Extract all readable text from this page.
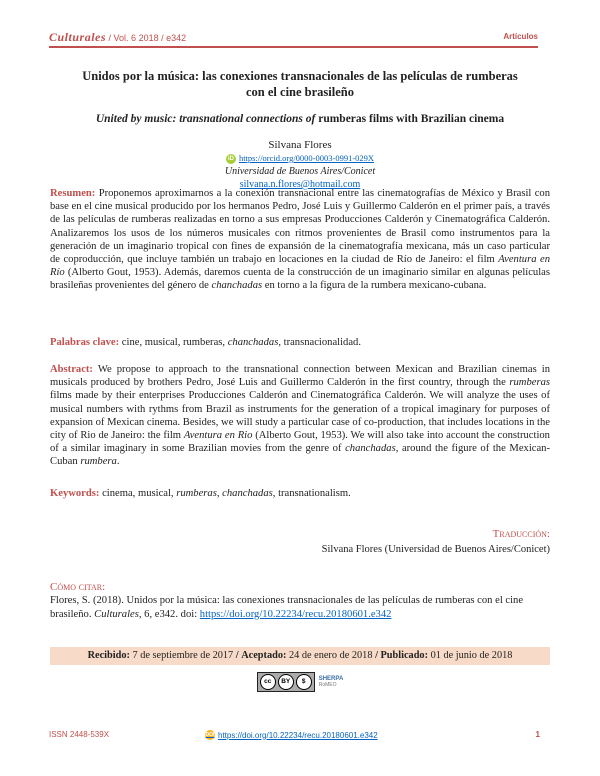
Culturales / Vol. 6 2018 / e342	Artículos
Unidos por la música: las conexiones transnacionales de las películas de rumberas
con el cine brasileño
United by music: transnational connections of rumberas films with Brazilian cinema
Silvana Flores
iD https://orcid.org/0000-0003-0991-029X
Universidad de Buenos Aires/Conicet
silvana.n.flores@hotmail.com
Resumen: Proponemos aproximarnos a la conexión transnacional entre las cinematografías de México y Brasil con base en el cine musical producido por los hermanos Pedro, José Luis y Guillermo Calderón en el primer país, a través de las películas de rumberas realizadas en torno a sus empresas Producciones Calderón y Cinematográfica Calderón. Analizaremos los usos de los números musicales con ritmos provenientes de Brasil como instrumentos para la generación de un imaginario tropical con fines de expansión de la cinematografía mexicana, más un caso particular de coproducción, que incluye también un trabajo en locaciones en la ciudad de Río de Janeiro: el film Aventura en Río (Alberto Gout, 1953). Además, daremos cuenta de la construcción de un imaginario similar en algunas películas brasileñas provenientes del género de chanchadas en torno a la figura de la rumbera mexicano-cubana.
Palabras clave: cine, musical, rumberas, chanchadas, transnacionalidad.
Abstract: We propose to approach to the transnational connection between Mexican and Brazilian cinemas in musicals produced by brothers Pedro, José Luis and Guillermo Calderón in the first country, through the rumberas films made by their enterprises Producciones Calderón and Cinematográfica Calderón. We will analyze the uses of musical numbers with rythms from Brazil as instruments for the generation of a tropical imaginary for purposes of expansion of Mexican cinema. Besides, we will study a particular case of co-production, that includes locations in the city of Rio de Janeiro: the film Aventura en Rio (Alberto Gout, 1953). We will also take into account the construction of a similar imaginary in some Brazilian movies from the genre of chanchadas, around the figure of the Mexican-Cuban rumbera.
Keywords: cinema, musical, rumberas, chanchadas, transnationalism.
Traducción:
Silvana Flores (Universidad de Buenos Aires/Conicet)
Cómo citar:
Flores, S. (2018). Unidos por la música: las conexiones transnacionales de las películas de rumberas con el cine brasileño. Culturales, 6, e342. doi: https://doi.org/10.22234/recu.20180601.e342
Recibido: 7 de septiembre de 2017 / Aceptado: 24 de enero de 2018 / Publicado: 01 de junio de 2018
cc	BY	$	SHERPA
RoMEO
ISSN 2448-539X	DOI https://doi.org/10.22234/recu.20180601.e342	1
